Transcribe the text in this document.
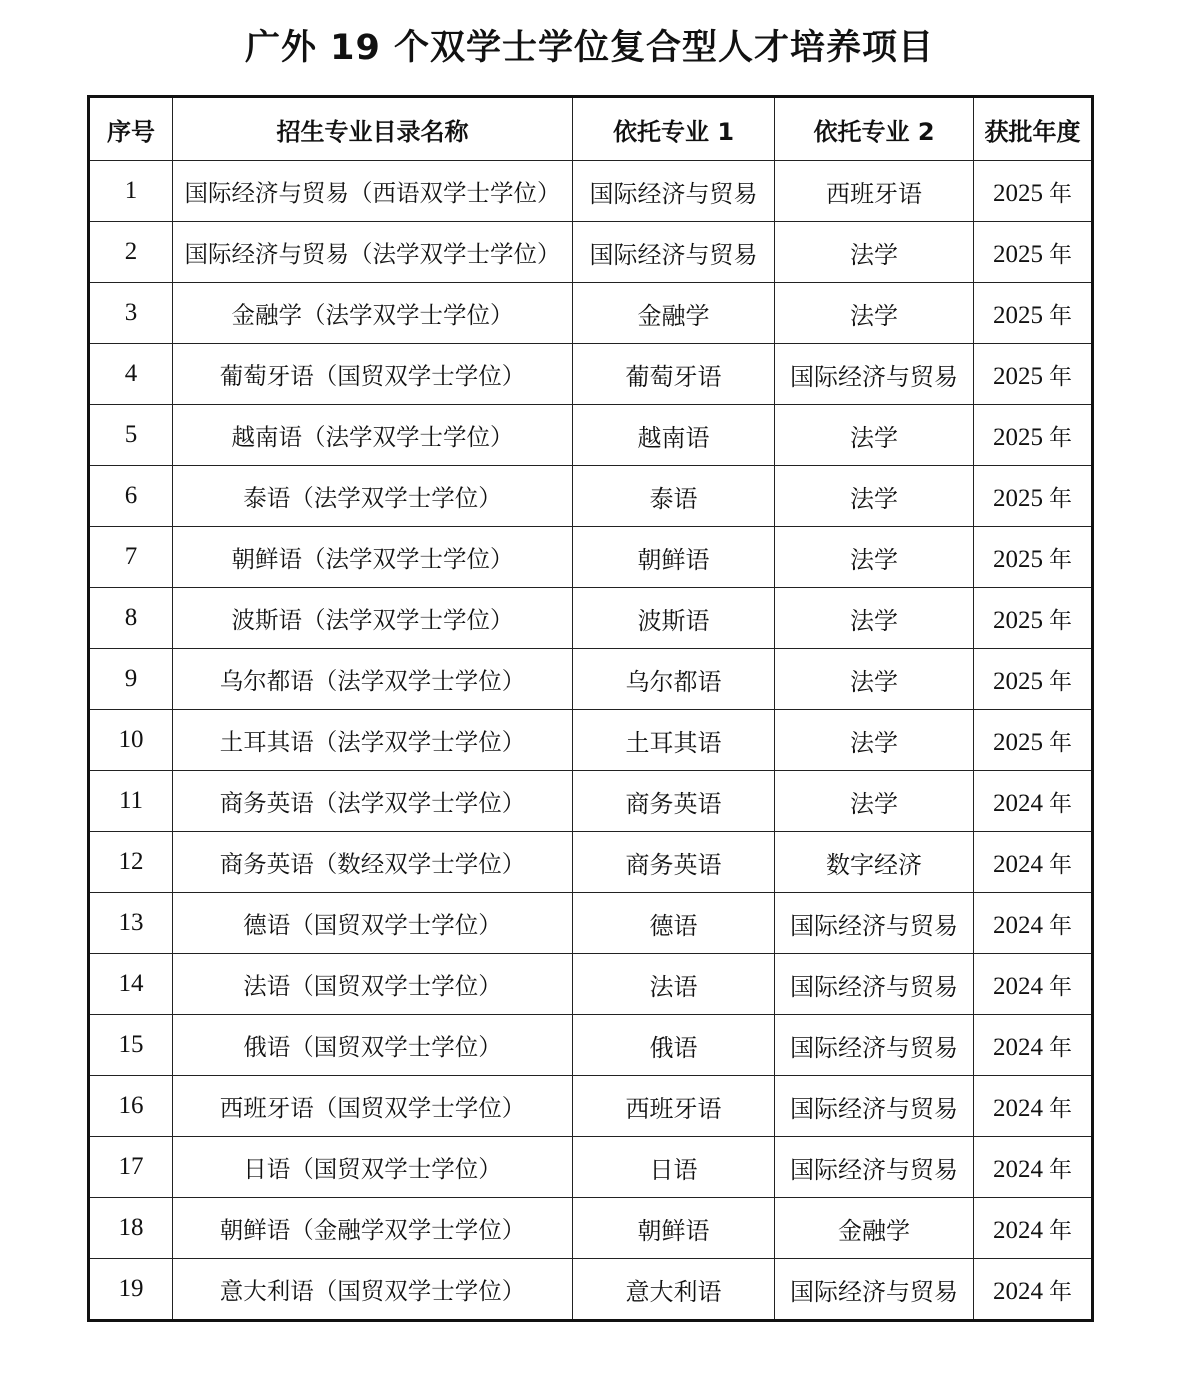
广外 19 个双学士学位复合型人才培养项目
序号	招生专业目录名称	依托专业 1	依托专业 2	获批年度
1	国际经济与贸易（西语双学士学位）	国际经济与贸易	西班牙语	2025 年
2	国际经济与贸易（法学双学士学位）	国际经济与贸易	法学	2025 年
3	金融学（法学双学士学位）	金融学	法学	2025 年
4	葡萄牙语（国贸双学士学位）	葡萄牙语	国际经济与贸易	2025 年
5	越南语（法学双学士学位）	越南语	法学	2025 年
6	泰语（法学双学士学位）	泰语	法学	2025 年
7	朝鲜语（法学双学士学位）	朝鲜语	法学	2025 年
8	波斯语（法学双学士学位）	波斯语	法学	2025 年
9	乌尔都语（法学双学士学位）	乌尔都语	法学	2025 年
10	土耳其语（法学双学士学位）	土耳其语	法学	2025 年
11	商务英语（法学双学士学位）	商务英语	法学	2024 年
12	商务英语（数经双学士学位）	商务英语	数字经济	2024 年
13	德语（国贸双学士学位）	德语	国际经济与贸易	2024 年
14	法语（国贸双学士学位）	法语	国际经济与贸易	2024 年
15	俄语（国贸双学士学位）	俄语	国际经济与贸易	2024 年
16	西班牙语（国贸双学士学位）	西班牙语	国际经济与贸易	2024 年
17	日语（国贸双学士学位）	日语	国际经济与贸易	2024 年
18	朝鲜语（金融学双学士学位）	朝鲜语	金融学	2024 年
19	意大利语（国贸双学士学位）	意大利语	国际经济与贸易	2024 年
